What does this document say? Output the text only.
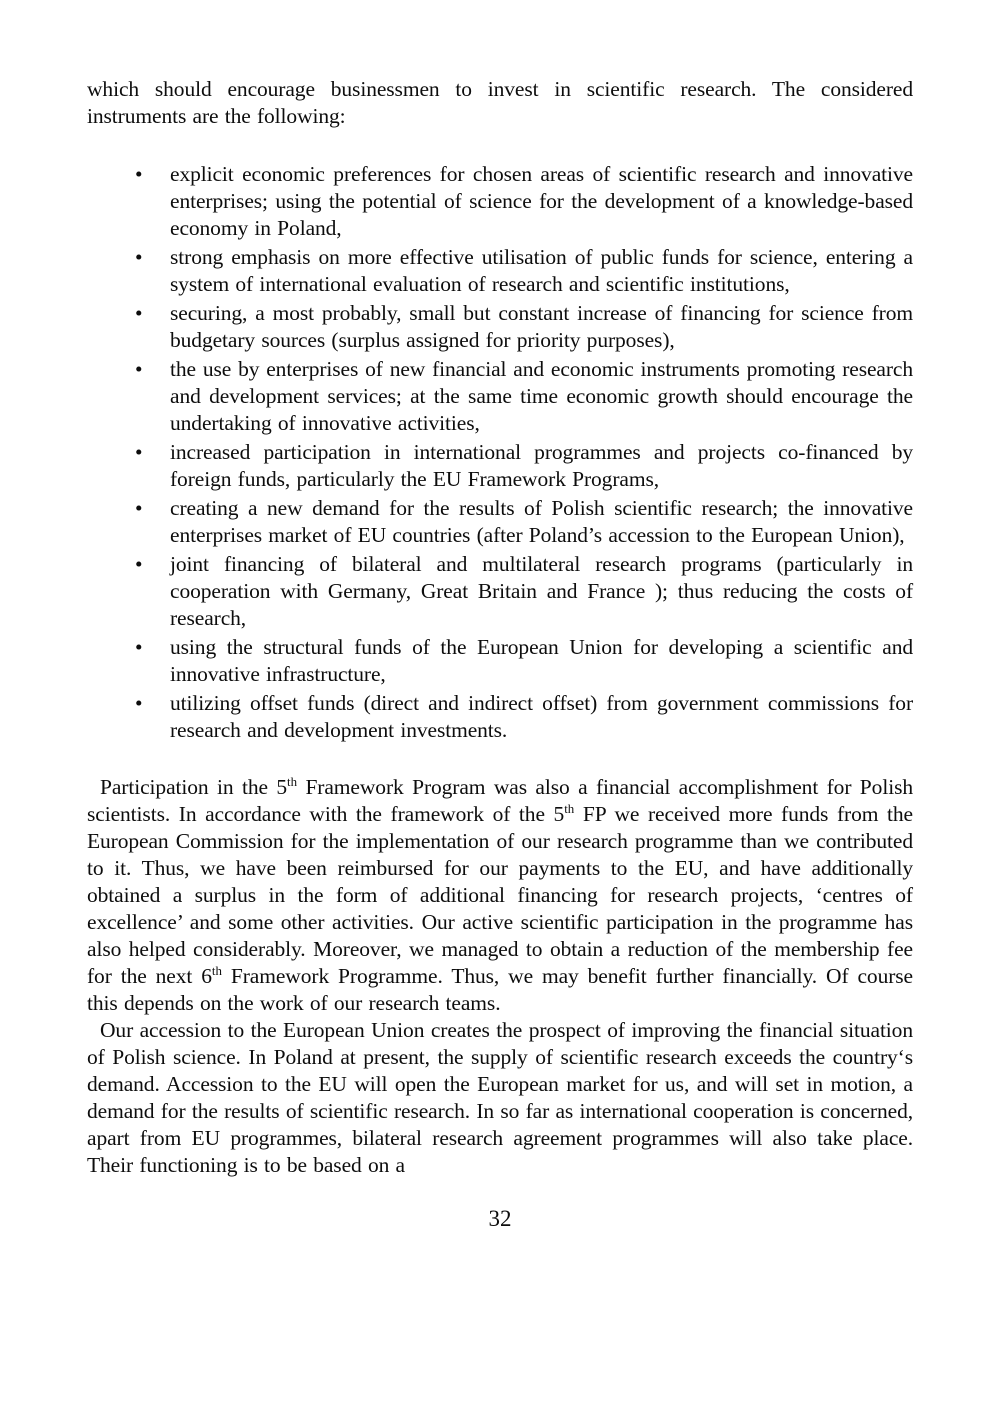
which should encourage businessmen to invest in scientific research. The considered instruments are the following:

• explicit economic preferences for chosen areas of scientific research and innovative enterprises; using the potential of science for the development of a knowledge-based economy in Poland,

• strong emphasis on more effective utilisation of public funds for science, entering a system of international evaluation of research and scientific institutions,

• securing, a most probably, small but constant increase of financing for science from budgetary sources (surplus assigned for priority purposes),

• the use by enterprises of new financial and economic instruments promoting research and development services; at the same time economic growth should encourage the undertaking of innovative activities,

• increased participation in international programmes and projects co-financed by foreign funds, particularly the EU Framework Programs,

• creating a new demand for the results of Polish scientific research; the innovative enterprises market of EU countries (after Poland’s accession to the European Union),

• joint financing of bilateral and multilateral research programs (particularly in cooperation with Germany, Great Britain and France ); thus reducing the costs of research,

• using the structural funds of the European Union for developing a scientific and innovative infrastructure,

• utilizing offset funds (direct and indirect offset) from government commissions for research and development investments.

Participation in the 5th Framework Program was also a financial accomplishment for Polish scientists. In accordance with the framework of the 5th FP we received more funds from the European Commission for the implementation of our research programme than we contributed to it. Thus, we have been reimbursed for our payments to the EU, and have additionally obtained a surplus in the form of additional financing for research projects, ‘centres of excellence’ and some other activities. Our active scientific participation in the programme has also helped considerably. Moreover, we managed to obtain a reduction of the membership fee for the next 6th Framework Programme. Thus, we may benefit further financially. Of course this depends on the work of our research teams.

Our accession to the European Union creates the prospect of improving the financial situation of Polish science. In Poland at present, the supply of scientific research exceeds the country‘s demand. Accession to the EU will open the European market for us, and will set in motion, a demand for the results of scientific research. In so far as international cooperation is concerned, apart from EU programmes, bilateral research agreement programmes will also take place. Their functioning is to be based on a

32
